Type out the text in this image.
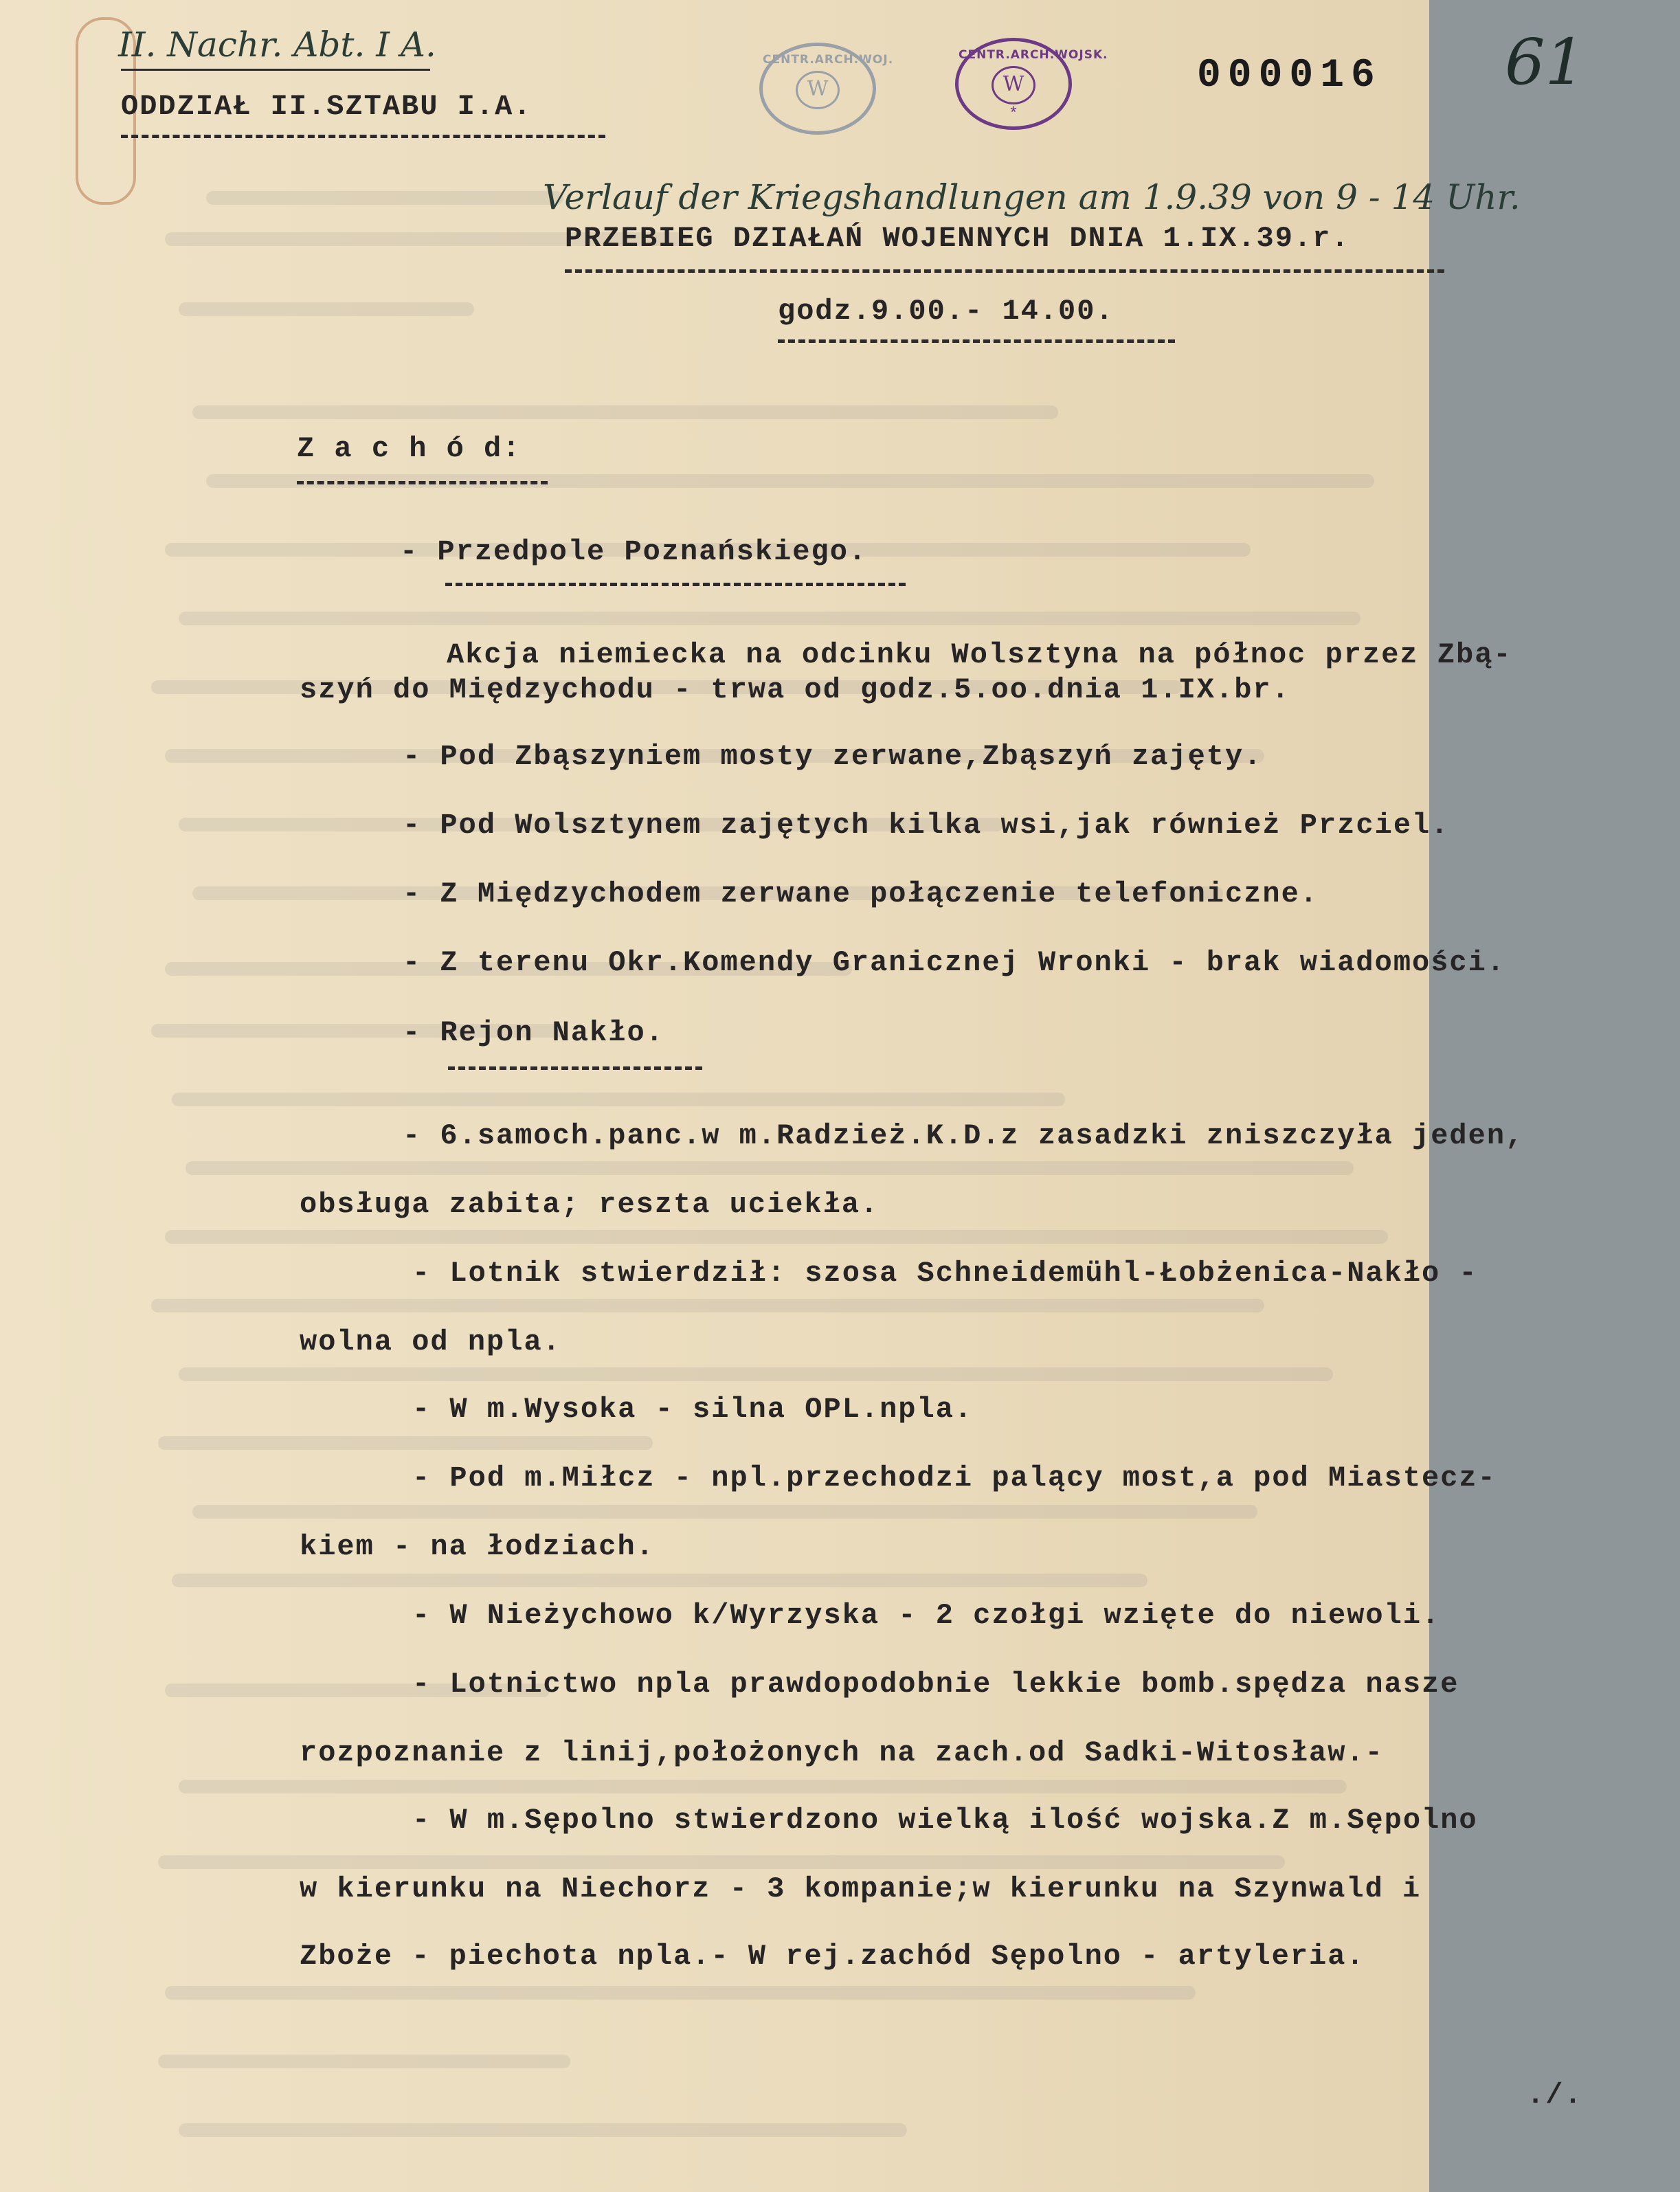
II. Nachr. Abt. I A.

ODDZIAŁ II.SZTABU I.A.

CENTR.ARCH.WOJ.
W
CENTR.ARCH.WOJSK.
W
*

000016 61

Verlauf der Kriegshandlungen am 1.9.39 von 9 - 14 Uhr.

PRZEBIEG DZIAŁAŃ WOJENNYCH DNIA 1.IX.39.r.

godz.9.00.- 14.00.

Z a c h ó d:

- Przedpole Poznańskiego.

Akcja niemiecka na odcinku Wolsztyna na północ przez Zbą-

szyń do Międzychodu - trwa od godz.5.oo.dnia 1.IX.br.

- Pod Zbąszyniem mosty zerwane,Zbąszyń zajęty.

- Pod Wolsztynem zajętych kilka wsi,jak również Przciel.

- Z Międzychodem zerwane połączenie telefoniczne.

- Z terenu Okr.Komendy Granicznej Wronki - brak wiadomości.

- Rejon Nakło.

- 6.samoch.panc.w m.Radzież.K.D.z zasadzki zniszczyła jeden,

obsługa zabita; reszta uciekła.

- Lotnik stwierdził: szosa Schneidemühl-Łobżenica-Nakło -

wolna od npla.

- W m.Wysoka - silna OPL.npla.

- Pod m.Miłcz - npl.przechodzi palący most,a pod Miastecz-

kiem - na łodziach.

- W Nieżychowo k/Wyrzyska - 2 czołgi wzięte do niewoli.

- Lotnictwo npla prawdopodobnie lekkie bomb.spędza nasze

rozpoznanie z linij,położonych na zach.od Sadki-Witosław.-

- W m.Sępolno stwierdzono wielką ilość wojska.Z m.Sępolno

w kierunku na Niechorz - 3 kompanie;w kierunku na Szynwald i

Zboże - piechota npla.- W rej.zachód Sępolno - artyleria.

./.
